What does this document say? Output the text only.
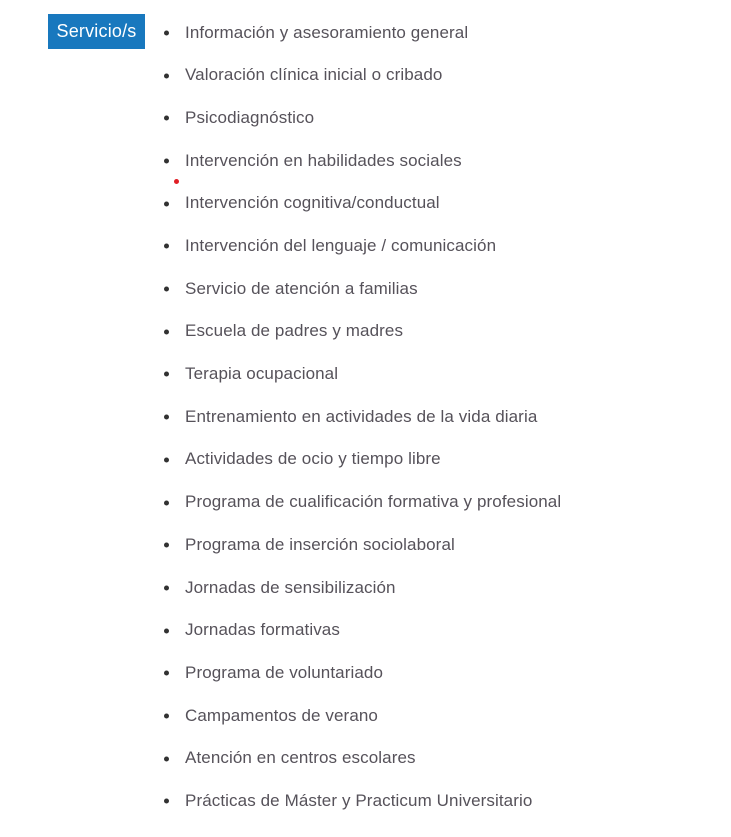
Servicio/s	Información y asesoramiento general
Valoración clínica inicial o cribado
Psicodiagnóstico
Intervención en habilidades sociales
Intervención cognitiva/conductual
Intervención del lenguaje / comunicación
Servicio de atención a familias
Escuela de padres y madres
Terapia ocupacional
Entrenamiento en actividades de la vida diaria
Actividades de ocio y tiempo libre
Programa de cualificación formativa y profesional
Programa de inserción sociolaboral
Jornadas de sensibilización
Jornadas formativas
Programa de voluntariado
Campamentos de verano
Atención en centros escolares
Prácticas de Máster y Practicum Universitario
